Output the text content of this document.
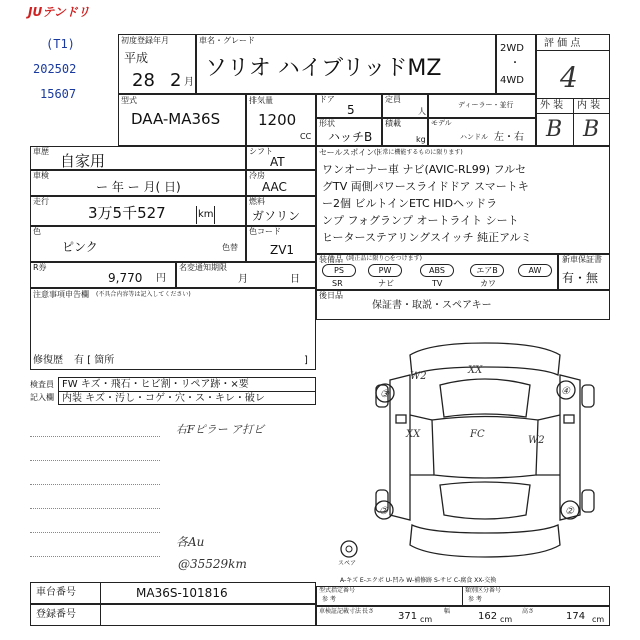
JUテンドリ
(T1)
202502
15607
初度登録年月
平成
28 2 月
車名・グレード
ソリオ ハイブリッドMZ
2WD
・
4WD
評 価 点
4
外 装 内 装
B B
型式
DAA-MA36S
排気量
1200
CC
ドア
5
形状
ハッチB
定員
人
積載
kg
ディーラー・並行
モデル
ハンドル 左・右
車歴
自家用
シフト
AT
車検
ー 年 ー 月( 日)
冷房
AAC
走行
3万5千527	km
燃料
ガソリン
色
ピンク	色替
色コード
ZV1
R券
9,770 円
名変通知期限
月	日
注意事項申告欄 (不具合内容等は記入してください)
修復歴 有 [ 箇所	]
検査員
記入欄
FW キズ・飛石・ヒビ割・リペア跡・×要
内装 キズ・汚し・コゲ・穴・ス・キレ・破レ
右Fピラー ア打ビ
各Au
@35529km
セールスポイント
(正常に機能するものに限ります)
ワンオーナー車 ナビ(AVIC-RL99) フルセ
グTV 両側パワースライドドア スマートキ
ー2個 ビルトインETC HIDヘッドラ
ンプ フォグランプ オートライト シート
ヒーターステアリングスイッチ 純正アルミ
装備品 (純正品に限り○をつけます)
PS	PW	ABS	エアB	AW
SR	ナビ	TV	カワ
新車保証書
有・無
後日品
保証書・取説・スペアキー
W2
XX
XX	FC
W2
③	④
②	②
スペア
A-キズ E-エクボ U-凹み W-補修跡 S-サビ C-腐食 XX-交換
車台番号	MA36S-101816
登録番号
型式指定番号
参 考
類別区分番号
参 考
車検証記載寸法 長さ 371 cm
幅	162 cm
高さ	174 cm
